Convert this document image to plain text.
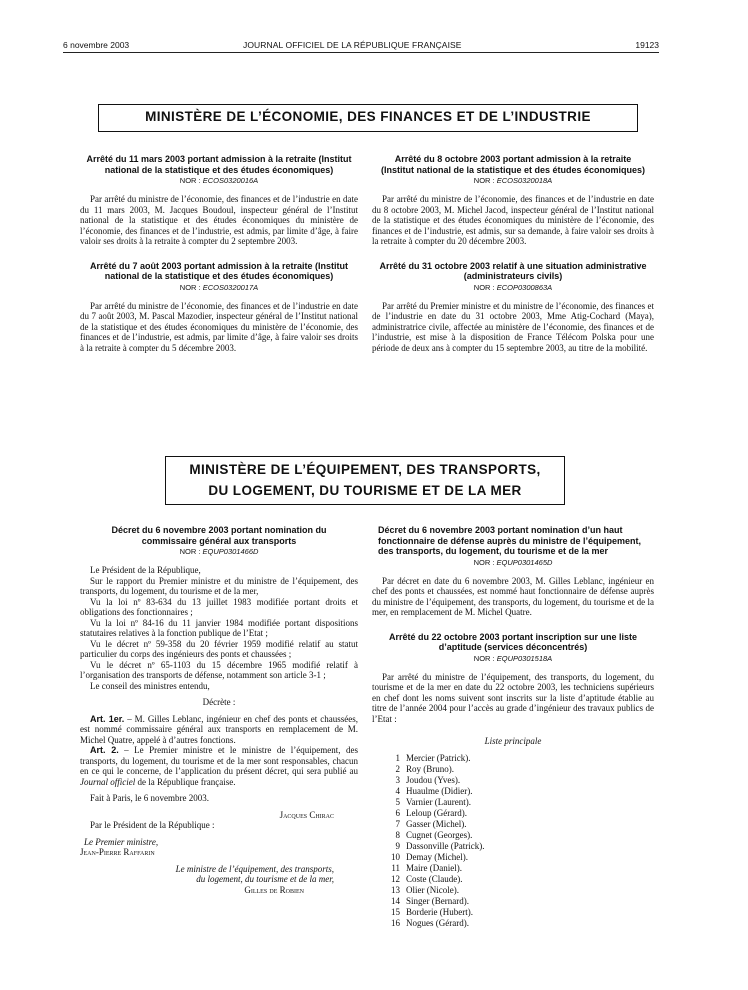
6 novembre 2003	JOURNAL OFFICIEL DE LA RÉPUBLIQUE FRANÇAISE	19123
MINISTÈRE DE L’ÉCONOMIE, DES FINANCES ET DE L’INDUSTRIE
Arrêté du 11 mars 2003 portant admission à la retraite (Institut national de la statistique et des études économiques)
NOR : ECOS0320016A

Par arrêté du ministre de l’économie, des finances et de l’industrie en date du 11 mars 2003, M. Jacques Boudoul, inspecteur général de l’Institut national de la statistique et des études économiques du ministère de l’économie, des finances et de l’industrie, est admis, par limite d’âge, à faire valoir ses droits à la retraite à compter du 2 septembre 2003.

Arrêté du 7 août 2003 portant admission à la retraite (Institut national de la statistique et des études économiques)
NOR : ECOS0320017A

Par arrêté du ministre de l’économie, des finances et de l’industrie en date du 7 août 2003, M. Pascal Mazodier, inspecteur général de l’Institut national de la statistique et des études économiques du ministère de l’économie, des finances et de l’industrie, est admis, par limite d’âge, à faire valoir ses droits à la retraite à compter du 5 décembre 2003.

Arrêté du 8 octobre 2003 portant admission à la retraite (Institut national de la statistique et des études économiques)
NOR : ECOS0320018A

Par arrêté du ministre de l’économie, des finances et de l’industrie en date du 8 octobre 2003, M. Michel Jacod, inspecteur général de l’Institut national de la statistique et des études économiques du ministère de l’économie, des finances et de l’industrie, est admis, sur sa demande, à faire valoir ses droits à la retraite à compter du 20 décembre 2003.

Arrêté du 31 octobre 2003 relatif à une situation administrative (administrateurs civils)
NOR : ECOP0300863A

Par arrêté du Premier ministre et du ministre de l’économie, des finances et de l’industrie en date du 31 octobre 2003, Mme Atig-Cochard (Maya), administratrice civile, affectée au ministère de l’économie, des finances et de l’industrie, est mise à la disposition de France Télécom Polska pour une période de deux ans à compter du 15 septembre 2003, au titre de la mobilité.

MINISTÈRE DE L’ÉQUIPEMENT, DES TRANSPORTS,
DU LOGEMENT, DU TOURISME ET DE LA MER
Décret du 6 novembre 2003 portant nomination du commissaire général aux transports
NOR : EQUP0301466D

Le Président de la République,

Sur le rapport du Premier ministre et du ministre de l’équipement, des transports, du logement, du tourisme et de la mer,

Vu la loi nº 83-634 du 13 juillet 1983 modifiée portant droits et obligations des fonctionnaires ;

Vu la loi nº 84-16 du 11 janvier 1984 modifiée portant dispositions statutaires relatives à la fonction publique de l’Etat ;

Vu le décret nº 59-358 du 20 février 1959 modifié relatif au statut particulier du corps des ingénieurs des ponts et chaussées ;

Vu le décret nº 65-1103 du 15 décembre 1965 modifié relatif à l’organisation des transports de défense, notamment son article 3-1 ;

Le conseil des ministres entendu,

Décrète :

Art. 1er. – M. Gilles Leblanc, ingénieur en chef des ponts et chaussées, est nommé commissaire général aux transports en remplacement de M. Michel Quatre, appelé à d’autres fonctions.

Art. 2. – Le Premier ministre et le ministre de l’équipement, des transports, du logement, du tourisme et de la mer sont responsables, chacun en ce qui le concerne, de l’application du présent décret, qui sera publié au Journal officiel de la République française.

Fait à Paris, le 6 novembre 2003.

Jacques Chirac
Par le Président de la République :
Le Premier ministre,
Jean-Pierre Raffarin
Le ministre de l’équipement, des transports,
du logement, du tourisme et de la mer,
Gilles de Robien
Décret du 6 novembre 2003 portant nomination d’un haut fonctionnaire de défense auprès du ministre de l’équipement, des transports, du logement, du tourisme et de la mer
NOR : EQUP0301465D

Par décret en date du 6 novembre 2003, M. Gilles Leblanc, ingénieur en chef des ponts et chaussées, est nommé haut fonctionnaire de défense auprès du ministre de l’équipement, des transports, du logement, du tourisme et de la mer, en remplacement de M. Michel Quatre.

Arrêté du 22 octobre 2003 portant inscription sur une liste d’aptitude (services déconcentrés)
NOR : EQUP0301518A

Par arrêté du ministre de l’équipement, des transports, du logement, du tourisme et de la mer en date du 22 octobre 2003, les techniciens supérieurs en chef dont les noms suivent sont inscrits sur la liste d’aptitude établie au titre de l’année 2004 pour l’accès au grade d’ingénieur des travaux publics de l’Etat :

Liste principale
1 Mercier (Patrick).
2 Roy (Bruno).
3 Joudou (Yves).
4 Huaulme (Didier).
5 Varnier (Laurent).
6 Leloup (Gérard).
7 Gasser (Michel).
8 Cugnet (Georges).
9 Dassonville (Patrick).
10 Demay (Michel).
11 Maire (Daniel).
12 Coste (Claude).
13 Olier (Nicole).
14 Singer (Bernard).
15 Borderie (Hubert).
16 Nogues (Gérard).
